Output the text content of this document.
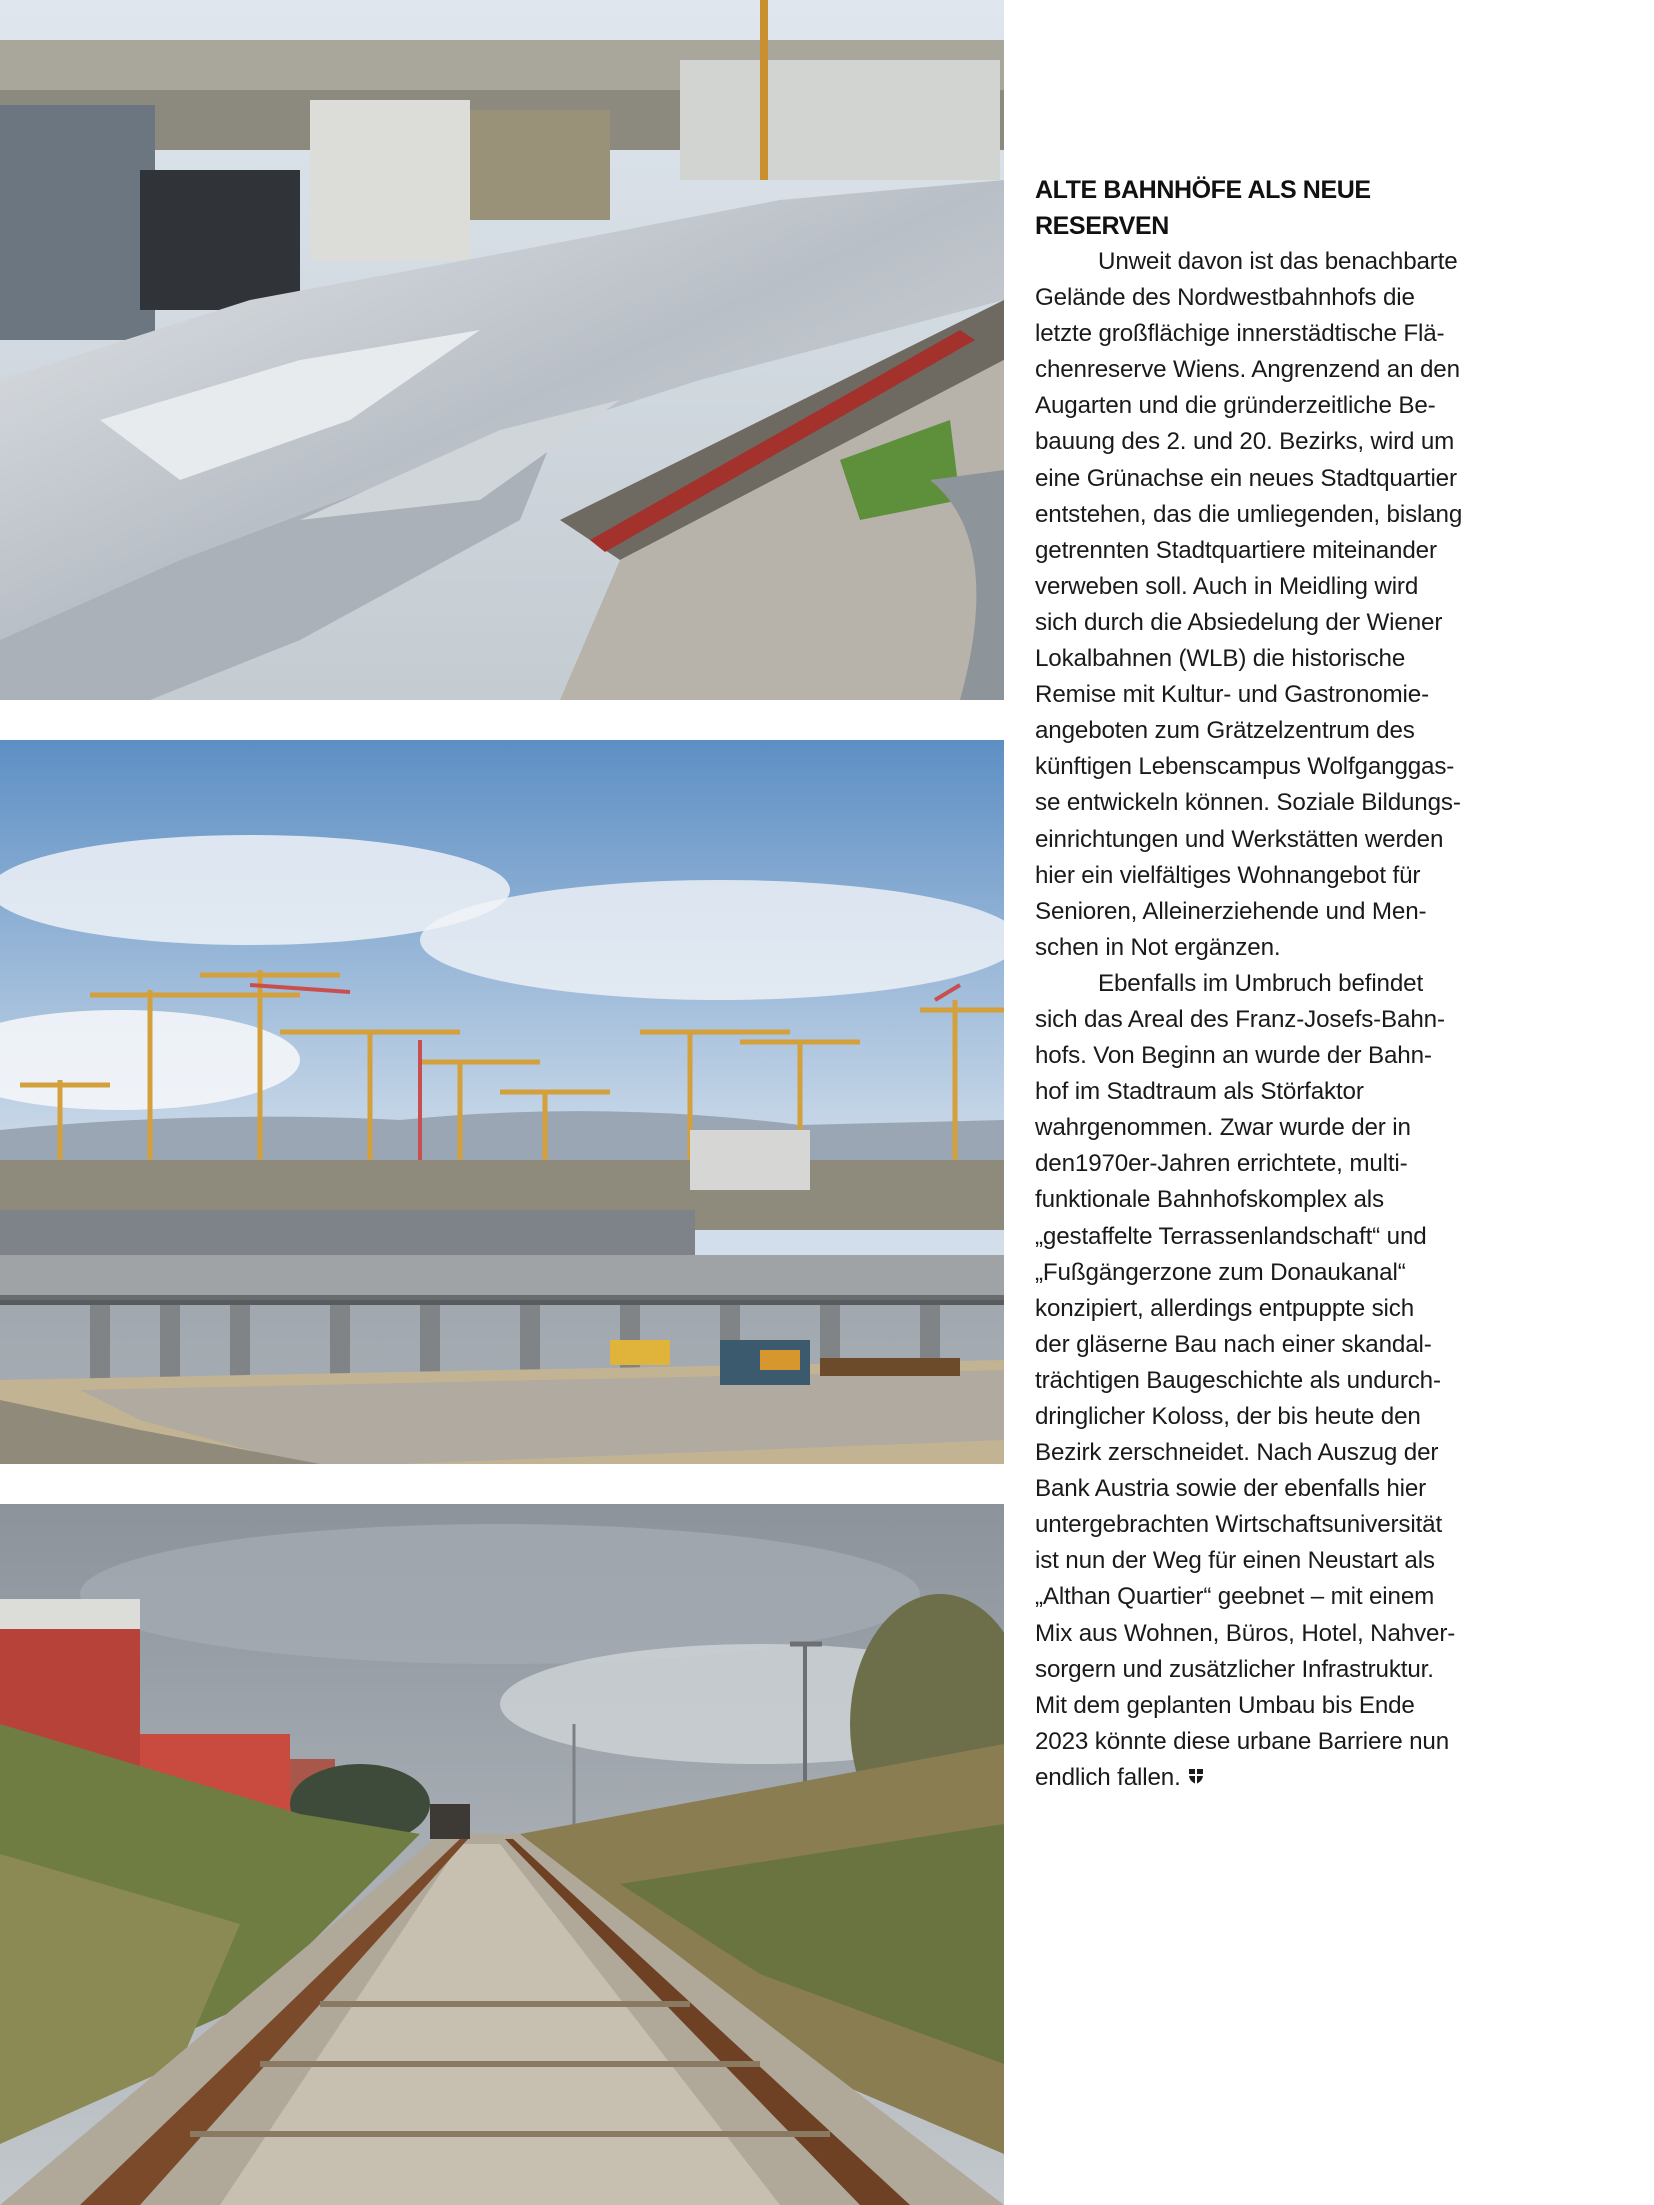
ALTE BAHNHÖFE ALS NEUE RESERVEN

Unweit davon ist das benachbarte
Gelände des Nordwestbahnhofs die
letzte großflächige innerstädtische Flä-
chenreserve Wiens. Angrenzend an den
Augarten und die gründerzeitliche Be-
bauung des 2. und 20. Bezirks, wird um
eine Grünachse ein neues Stadtquartier
entstehen, das die umliegenden, bislang
getrennten Stadtquartiere miteinander
verweben soll. Auch in Meidling wird
sich durch die Absiedelung der Wiener
Lokalbahnen (WLB) die historische
Remise mit Kultur- und Gastronomie-
angeboten zum Grätzelzentrum des
künftigen Lebenscampus Wolfganggas-
se entwickeln können. Soziale Bildungs-
einrichtungen und Werkstätten werden
hier ein vielfältiges Wohnangebot für
Senioren, Alleinerziehende und Men-
schen in Not ergänzen.

Ebenfalls im Umbruch befindet
sich das Areal des Franz-Josefs-Bahn-
hofs. Von Beginn an wurde der Bahn-
hof im Stadtraum als Störfaktor
wahrgenommen. Zwar wurde der in
den1970er-Jahren errichtete, multi-
funktionale Bahnhofskomplex als
„gestaffelte Terrassenlandschaft“ und
„Fußgängerzone zum Donaukanal“
konzipiert, allerdings entpuppte sich
der gläserne Bau nach einer skandal-
trächtigen Baugeschichte als undurch-
dringlicher Koloss, der bis heute den
Bezirk zerschneidet. Nach Auszug der
Bank Austria sowie der ebenfalls hier
untergebrachten Wirtschaftsuniversität
ist nun der Weg für einen Neustart als
„Althan Quartier“ geebnet – mit einem
Mix aus Wohnen, Büros, Hotel, Nahver-
sorgern und zusätzlicher Infrastruktur.
Mit dem geplanten Umbau bis Ende
2023 könnte diese urbane Barriere nun
endlich fallen.
